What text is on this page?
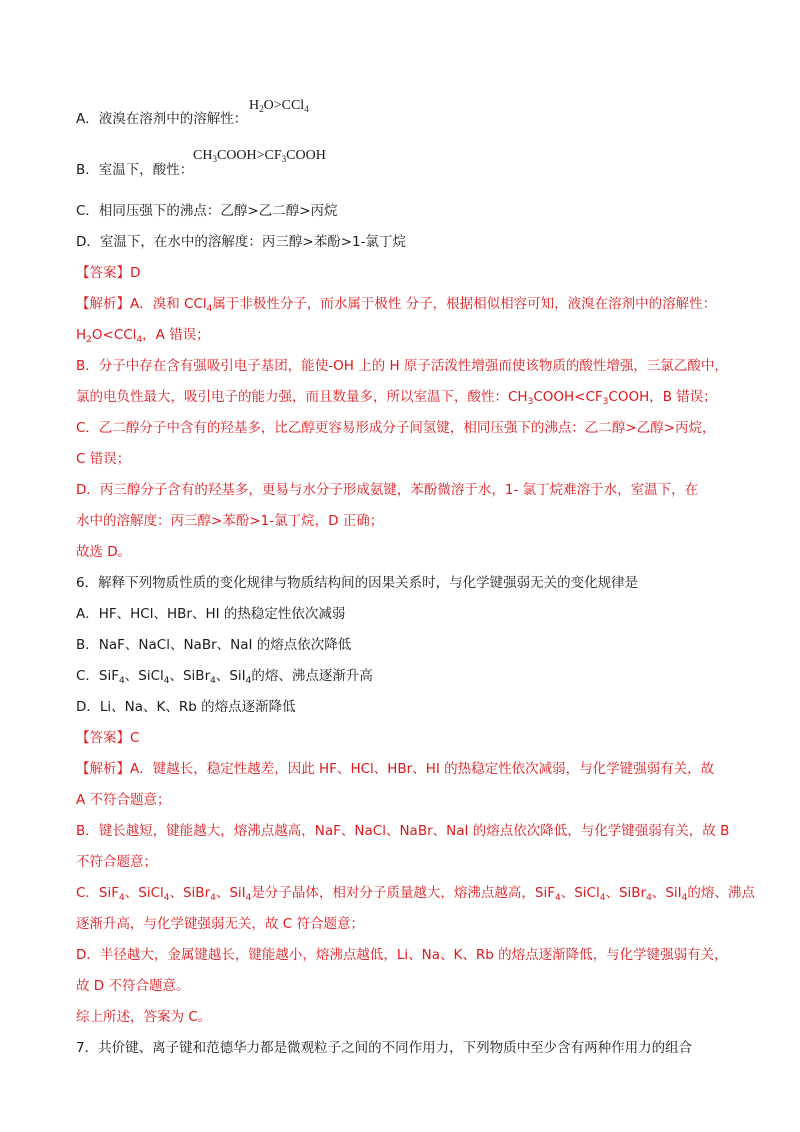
A．液溴在溶剂中的溶解性：
$H_2O>CCl_4$
B．室温下，酸性：
$CH_3COOH>CF_3COOH$
C．相同压强下的沸点：乙醇>乙二醇>丙烷
D．室温下，在水中的溶解度：丙三醇>苯酚>1-氯丁烷
【答案】D
【解析】A．溴和 CCl$_4$属于非极性分子，而水属于极性 分子，根据相似相容可知，液溴在溶剂中的溶解性：
$H_2O<CCl_4$，A 错误；
B．分子中存在含有强吸引电子基团，能使-OH 上的 H 原子活泼性增强而使该物质的酸性增强，三氯乙酸中，
氯的电负性最大，吸引电子的能力强，而且数量多，所以室温下，酸性：$CH_3COOH<CF_3COOH$，B 错误；
C．乙二醇分子中含有的羟基多，比乙醇更容易形成分子间氢键，相同压强下的沸点：乙二醇>乙醇>丙烷，
C 错误；
D．丙三醇分子含有的羟基多，更易与水分子形成氨键，苯酚微溶于水，1- 氯丁烷难溶于水，室温下，在
水中的溶解度：丙三醇>苯酚>1-氯丁烷，D 正确；
故选 D。
6．解释下列物质性质的变化规律与物质结构间的因果关系时，与化学键强弱无关的变化规律是
A．HF、HCl、HBr、HI 的热稳定性依次减弱
B．NaF、NaCl、NaBr、NaI 的熔点依次降低
C．SiF$_4$、SiCl$_4$、SiBr$_4$、SiI$_4$的熔、沸点逐渐升高
D．Li、Na、K、Rb 的熔点逐渐降低
【答案】C
【解析】A．键越长，稳定性越差，因此 HF、HCl、HBr、HI 的热稳定性依次减弱，与化学键强弱有关，故
A 不符合题意；
B．键长越短，键能越大，熔沸点越高，NaF、NaCl、NaBr、NaI 的熔点依次降低，与化学键强弱有关，故 B
不符合题意；
C．SiF$_4$、SiCl$_4$、SiBr$_4$、SiI$_4$是分子晶体，相对分子质量越大，熔沸点越高，SiF$_4$、SiCl$_4$、SiBr$_4$、SiI$_4$的熔、沸点
逐渐升高，与化学键强弱无关，故 C 符合题意；
D．半径越大，金属键越长，键能越小，熔沸点越低，Li、Na、K、Rb 的熔点逐渐降低，与化学键强弱有关，
故 D 不符合题意。
综上所述，答案为 C。
7．共价键、离子键和范德华力都是微观粒子之间的不同作用力，下列物质中至少含有两种作用力的组合
